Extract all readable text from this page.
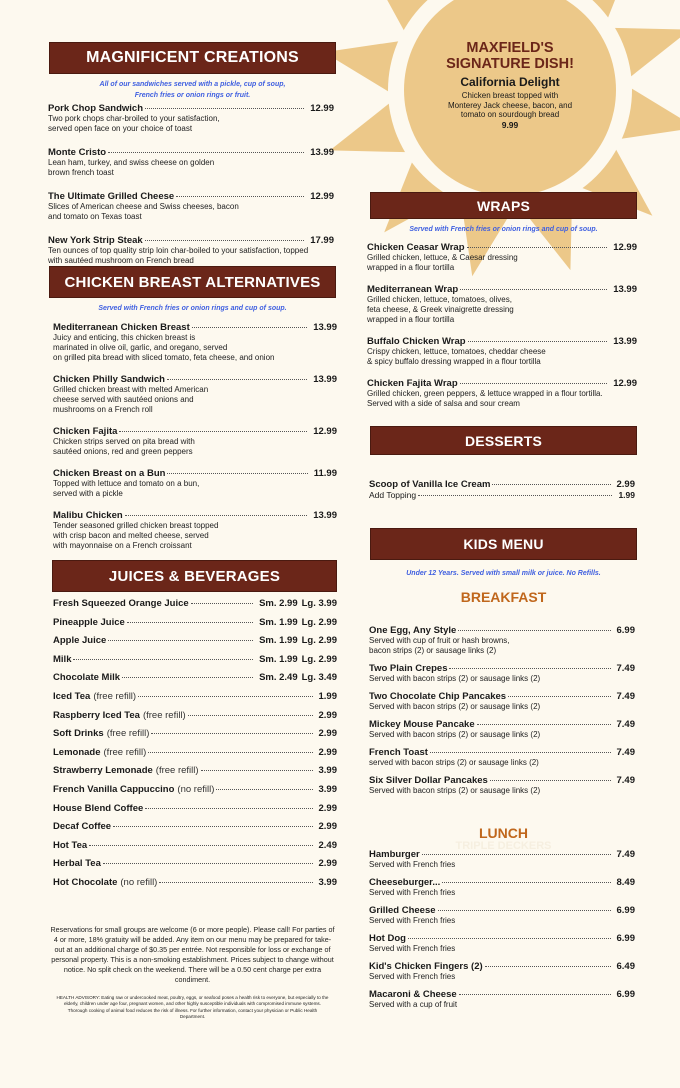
MAGNIFICENT CREATIONS
All of our sandwiches served with a pickle, cup of soup,
French fries or onion rings or fruit.
Pork Chop Sandwich	12.99
Two pork chops char-broiled to your satisfaction,
served open face on your choice of toast
Monte Cristo	13.99
Lean ham, turkey, and swiss cheese on golden
brown french toast
The Ultimate Grilled Cheese	12.99
Slices of American cheese and Swiss cheeses, bacon
and tomato on Texas toast
New York Strip Steak	17.99
Ten ounces of top quality strip loin char-boiled to your satisfaction, topped
with sautéed mushroom on French bread
CHICKEN BREAST ALTERNATIVES
Served with French fries or onion rings and cup of soup.
Mediterranean Chicken Breast	13.99
Juicy and enticing, this chicken breast is
marinated in olive oil, garlic, and oregano, served
on grilled pita bread with sliced tomato, feta cheese, and onion
Chicken Philly Sandwich	13.99
Grilled chicken breast with melted American
cheese served with sautéed onions and
mushrooms on a French roll
Chicken Fajita	12.99
Chicken strips served on pita bread with
sautéed onions, red and green peppers
Chicken Breast on a Bun	11.99
Topped with lettuce and tomato on a bun,
served with a pickle
Malibu Chicken	13.99
Tender seasoned grilled chicken breast topped
with crisp bacon and melted cheese, served
with mayonnaise on a French croissant
JUICES & BEVERAGES
Fresh Squeezed Orange Juice	Sm. 2.99 Lg. 3.99
Pineapple Juice	Sm. 1.99 Lg. 2.99
Apple Juice	Sm. 1.99 Lg. 2.99
Milk	Sm. 1.99 Lg. 2.99
Chocolate Milk	Sm. 2.49 Lg. 3.49
Iced Tea (free refill)	1.99
Raspberry Iced Tea (free refill)	2.99
Soft Drinks (free refill)	2.99
Lemonade (free refill)	2.99
Strawberry Lemonade (free refill)	3.99
French Vanilla Cappuccino (no refill)	3.99
House Blend Coffee	2.99
Decaf Coffee	2.99
Hot Tea	2.49
Herbal Tea	2.99
Hot Chocolate (no refill)	3.99
Reservations for small groups are welcome (6 or more people). Please call! For parties of 4 or more, 18% gratuity will be added. Any item on our menu may be prepared for take-out at an additional charge of $0.35 per entrée. Not responsible for loss or exchange of personal property. This is a non-smoking establishment. Prices subject to change without notice. No split check on the weekend. There will be a 0.50 cent charge per extra condiment.
HEALTH ADVISORY: Eating raw or undercooked meat, poultry, eggs, or seafood poses a health risk to everyone, but especially to the elderly, children under age four, pregnant women, and other highly susceptible individuals with compromised immune systems. Thorough cooking of animal food reduces the risk of illness. For further information, contact your physician or Public Health Department.
MAXFIELD'S
SIGNATURE DISH!
California Delight
Chicken breast topped with
Monterey Jack cheese, bacon, and
tomato on sourdough bread
9.99
WRAPS
Served with French fries or onion rings and cup of soup.
Chicken Ceasar Wrap	12.99
Grilled chicken, lettuce, & Caesar dressing
wrapped in a flour tortilla
Mediterranean Wrap	13.99
Grilled chicken, lettuce, tomatoes, olives,
feta cheese, & Greek vinaigrette dressing
wrapped in a flour tortilla
Buffalo Chicken Wrap	13.99
Crispy chicken, lettuce, tomatoes, cheddar cheese
& spicy buffalo dressing wrapped in a flour tortilla
Chicken Fajita Wrap	12.99
Grilled chicken, green peppers, & lettuce wrapped in a flour tortilla.
Served with a side of salsa and sour cream
DESSERTS
Scoop of Vanilla Ice Cream	2.99
Add Topping	1.99
KIDS MENU
Under 12 Years. Served with small milk or juice. No Refills.
BREAKFAST
One Egg, Any Style	6.99
Served with cup of fruit or hash browns,
bacon strips (2) or sausage links (2)
Two Plain Crepes	7.49
Served with bacon strips (2) or sausage links (2)
Two Chocolate Chip Pancakes	7.49
Served with bacon strips (2) or sausage links (2)
Mickey Mouse Pancake	7.49
Served with bacon strips (2) or sausage links (2)
French Toast	7.49
served with bacon strips (2) or sausage links (2)
Six Silver Dollar Pancakes	7.49
Served with bacon strips (2) or sausage links (2)
LUNCH
TRIPLE DECKERS
Hamburger	7.49
Served with French fries
Cheeseburger...	8.49
Served with French fries
Grilled Cheese	6.99
Served with French fries
Hot Dog	6.99
Served with French fries
Kid's Chicken Fingers (2)	6.49
Served with French fries
Macaroni & Cheese	6.99
Served with a cup of fruit
